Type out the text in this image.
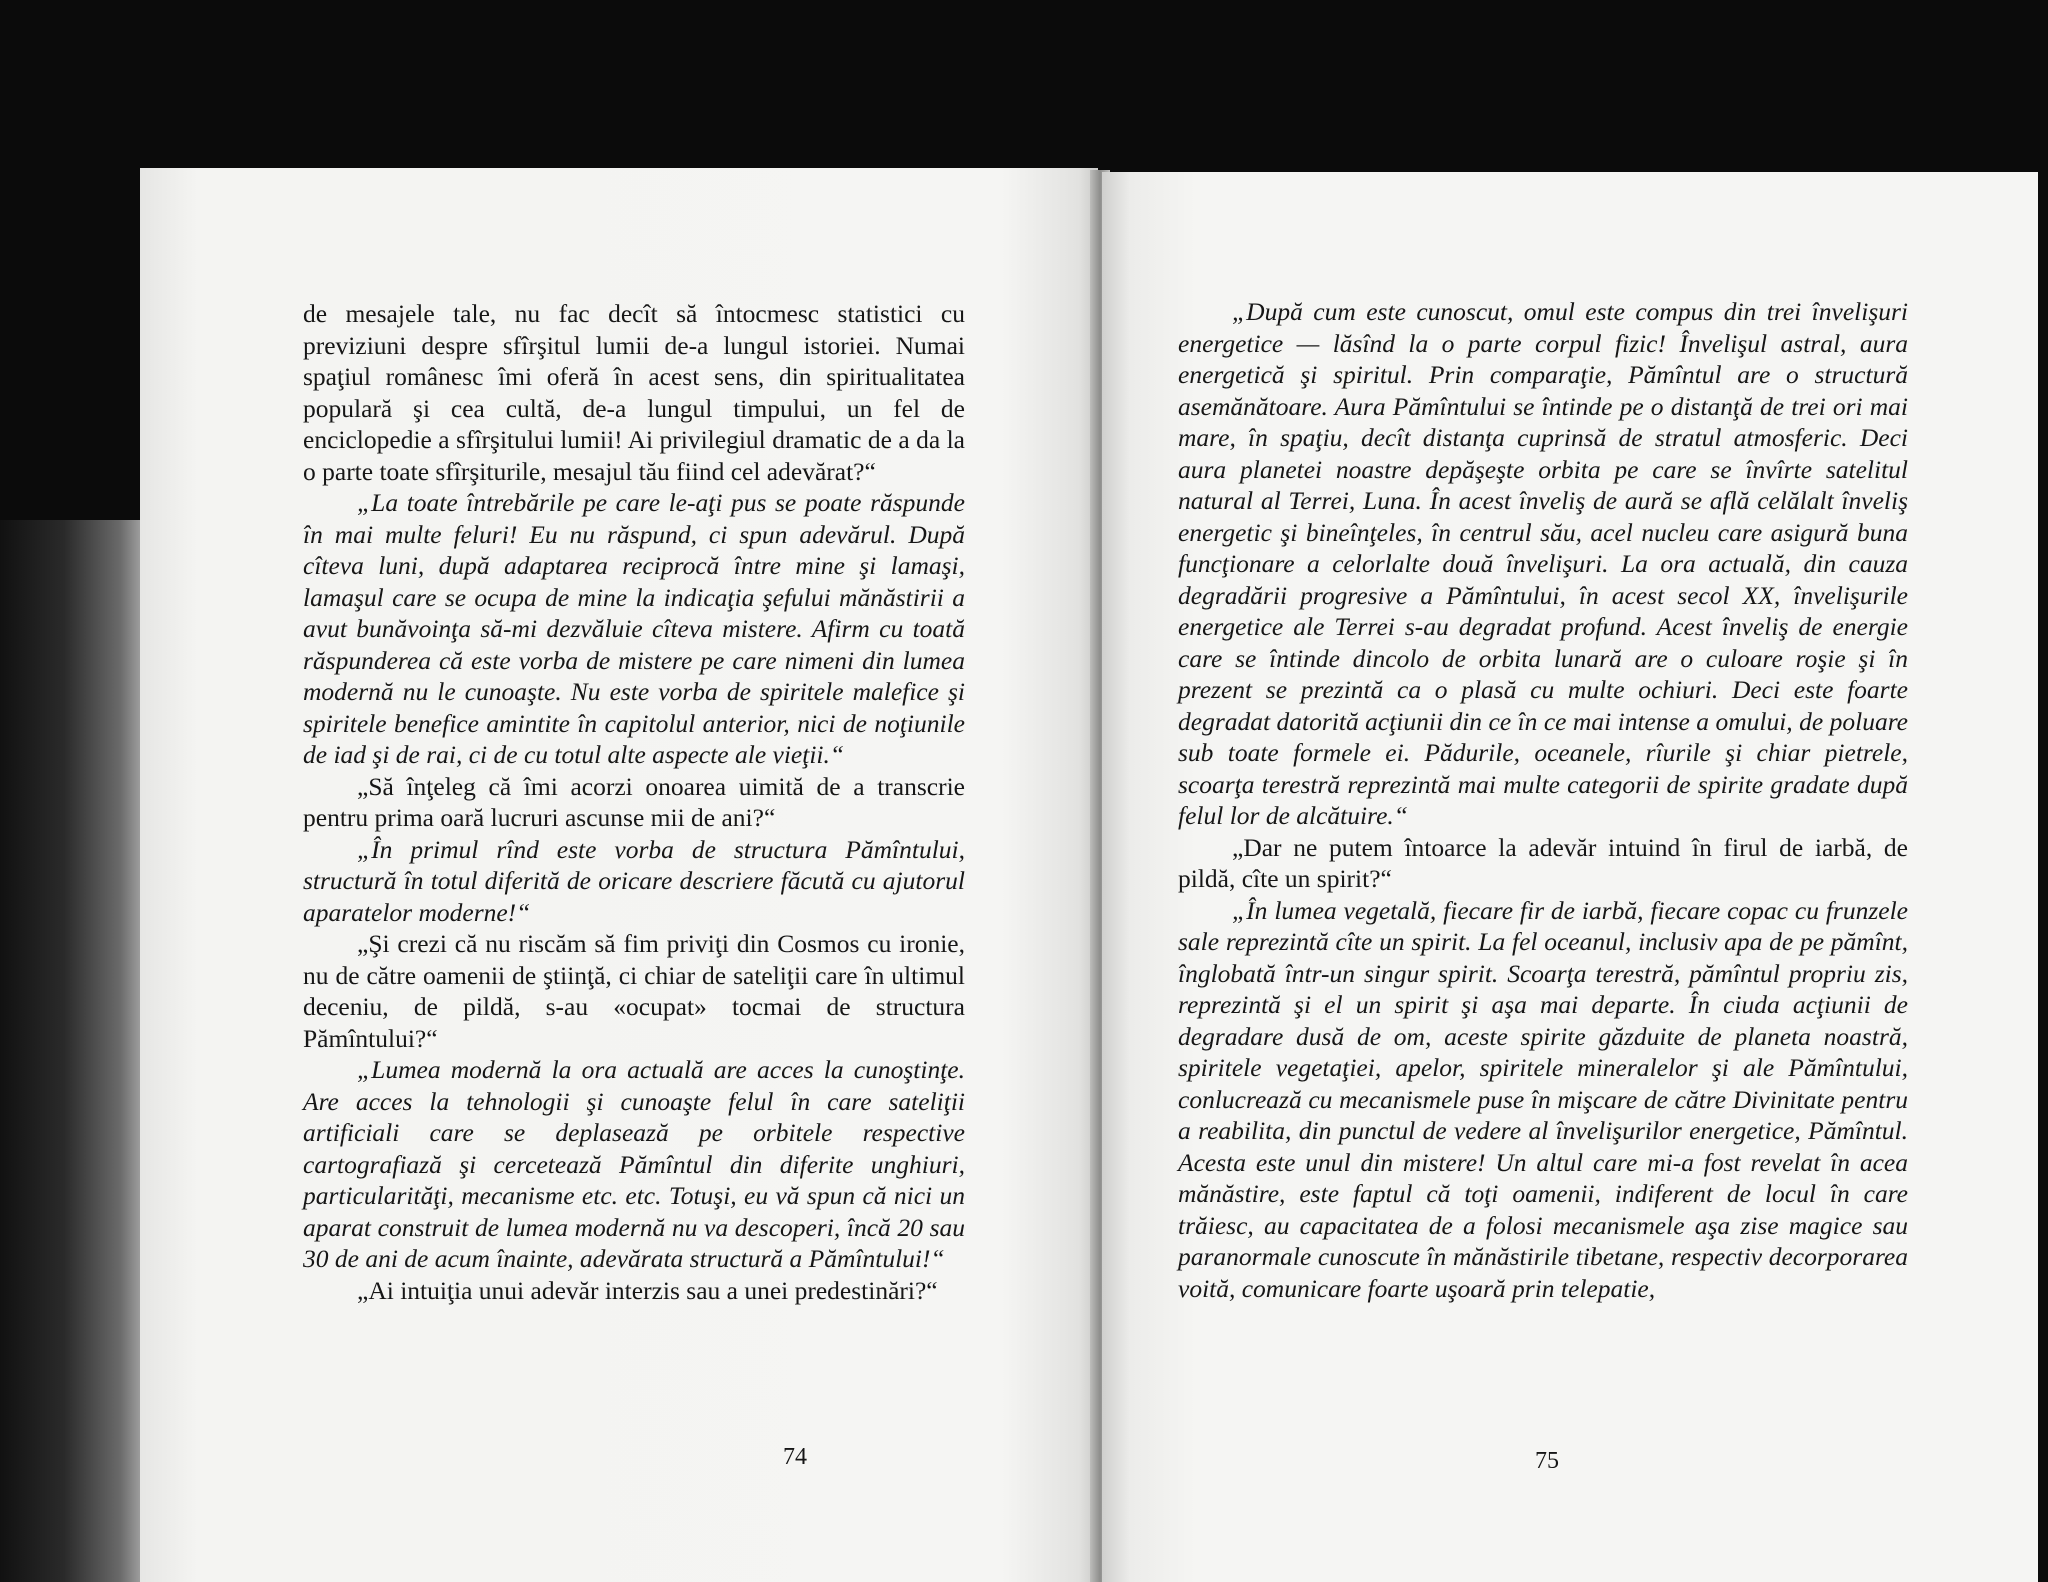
de mesajele tale, nu fac decît să întocmesc statistici cu previziuni despre sfîrşitul lumii de-a lungul istoriei. Numai spaţiul românesc îmi oferă în acest sens, din spiritualitatea populară şi cea cultă, de-a lungul timpului, un fel de enciclopedie a sfîrşitului lumii! Ai privilegiul dramatic de a da la o parte toate sfîrşiturile, mesajul tău fiind cel adevărat?“

„La toate întrebările pe care le-aţi pus se poate răspunde în mai multe feluri! Eu nu răspund, ci spun adevărul. După cîteva luni, după adaptarea reciprocă între mine şi lamaşi, lamaşul care se ocupa de mine la indicaţia şefului mănăstirii a avut bunăvoinţa să-mi dezvăluie cîteva mistere. Afirm cu toată răspunderea că este vorba de mistere pe care nimeni din lumea modernă nu le cunoaşte. Nu este vorba de spiritele malefice şi spiritele benefice amintite în capitolul anterior, nici de noţiunile de iad şi de rai, ci de cu totul alte aspecte ale vieţii.“

„Să înţeleg că îmi acorzi onoarea uimită de a transcrie pentru prima oară lucruri ascunse mii de ani?“

„În primul rînd este vorba de structura Pămîntului, structură în totul diferită de oricare descriere făcută cu ajutorul aparatelor moderne!“

„Şi crezi că nu riscăm să fim priviţi din Cosmos cu ironie, nu de către oamenii de ştiinţă, ci chiar de sateliţii care în ultimul deceniu, de pildă, s-au «ocupat» tocmai de structura Pămîntului?“

„Lumea modernă la ora actuală are acces la cunoştinţe. Are acces la tehnologii şi cunoaşte felul în care sateliţii artificiali care se deplasează pe orbitele respective cartografiază şi cercetează Pămîntul din diferite unghiuri, particularităţi, mecanisme etc. etc. Totuşi, eu vă spun că nici un aparat construit de lumea modernă nu va descoperi, încă 20 sau 30 de ani de acum înainte, adevărata structură a Pămîntului!“

„Ai intuiţia unui adevăr interzis sau a unei predestinări?“

74

„După cum este cunoscut, omul este compus din trei învelişuri energetice — lăsînd la o parte corpul fizic! Învelişul astral, aura energetică şi spiritul. Prin comparaţie, Pămîntul are o structură asemănătoare. Aura Pămîntului se întinde pe o distanţă de trei ori mai mare, în spaţiu, decît distanţa cuprinsă de stratul atmosferic. Deci aura planetei noastre depăşeşte orbita pe care se învîrte satelitul natural al Terrei, Luna. În acest înveliş de aură se află celălalt înveliş energetic şi bineînţeles, în centrul său, acel nucleu care asigură buna funcţionare a celorlalte două învelişuri. La ora actuală, din cauza degradării progresive a Pămîntului, în acest secol XX, învelişurile energetice ale Terrei s-au degradat profund. Acest înveliş de energie care se întinde dincolo de orbita lunară are o culoare roşie şi în prezent se prezintă ca o plasă cu multe ochiuri. Deci este foarte degradat datorită acţiunii din ce în ce mai intense a omului, de poluare sub toate formele ei. Pădurile, oceanele, rîurile şi chiar pietrele, scoarţa terestră reprezintă mai multe categorii de spirite gradate după felul lor de alcătuire.“

„Dar ne putem întoarce la adevăr intuind în firul de iarbă, de pildă, cîte un spirit?“

„În lumea vegetală, fiecare fir de iarbă, fiecare copac cu frunzele sale reprezintă cîte un spirit. La fel oceanul, inclusiv apa de pe pămînt, înglobată într-un singur spirit. Scoarţa terestră, pămîntul propriu zis, reprezintă şi el un spirit şi aşa mai departe. În ciuda acţiunii de degradare dusă de om, aceste spirite găzduite de planeta noastră, spiritele vegetaţiei, apelor, spiritele mineralelor şi ale Pămîntului, conlucrează cu mecanismele puse în mişcare de către Divinitate pentru a reabilita, din punctul de vedere al învelişurilor energetice, Pămîntul. Acesta este unul din mistere! Un altul care mi-a fost revelat în acea mănăstire, este faptul că toţi oamenii, indiferent de locul în care trăiesc, au capacitatea de a folosi mecanismele aşa zise magice sau paranormale cunoscute în mănăstirile tibetane, respectiv decorporarea voită, comunicare foarte uşoară prin telepatie,

75
